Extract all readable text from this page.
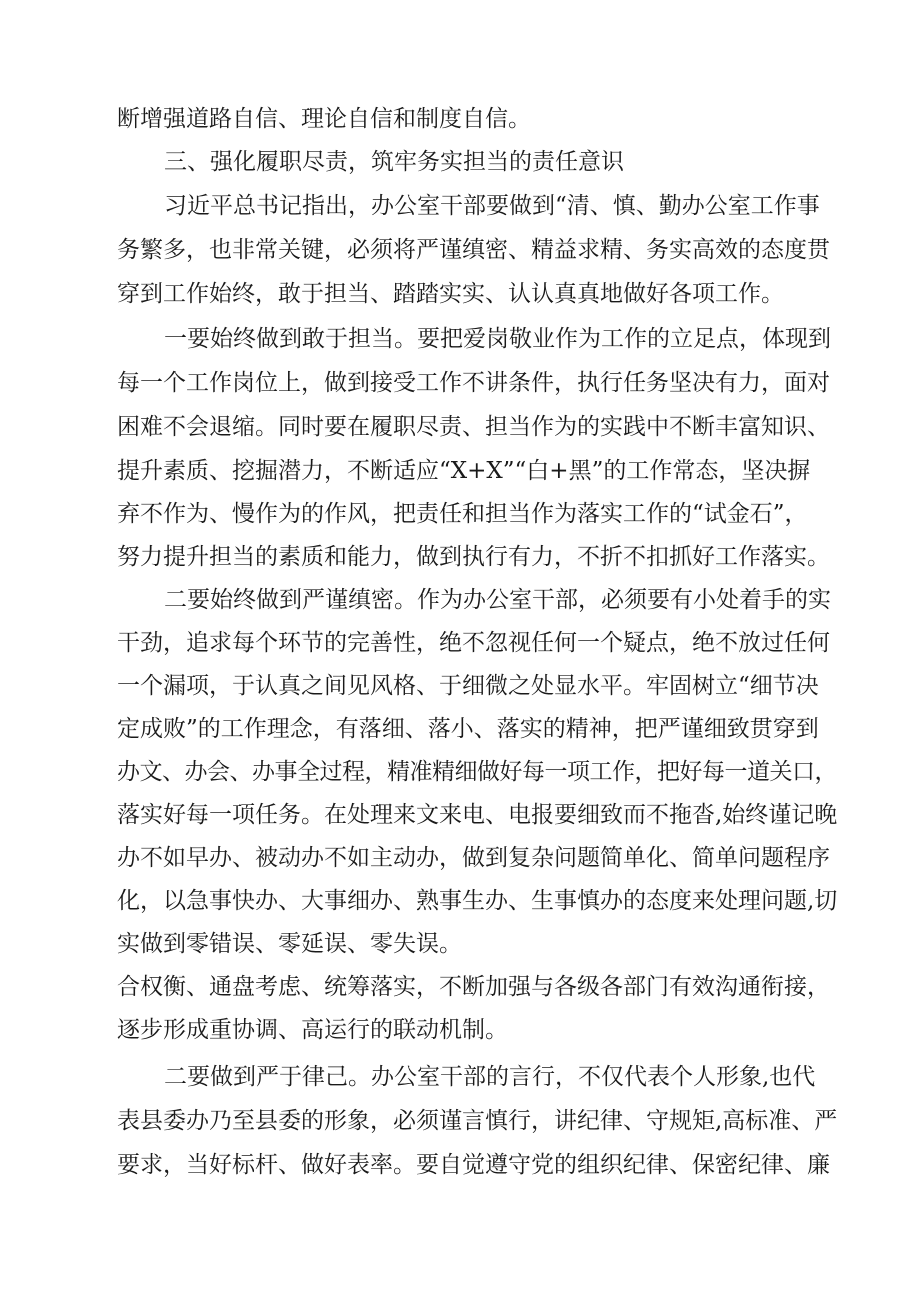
断增强道路自信、理论自信和制度自信。
三、强化履职尽责，筑牢务实担当的责任意识
习近平总书记指出，办公室干部要做到“清、慎、勤办公室工作事
务繁多，也非常关键，必须将严谨缜密、精益求精、务实高效的态度贯
穿到工作始终，敢于担当、踏踏实实、认认真真地做好各项工作。
一要始终做到敢于担当。要把爱岗敬业作为工作的立足点，体现到
每一个工作岗位上，做到接受工作不讲条件，执行任务坚决有力，面对
困难不会退缩。同时要在履职尽责、担当作为的实践中不断丰富知识、
提升素质、挖掘潜力，不断适应“X+X”“白+黑”的工作常态，坚决摒
弃不作为、慢作为的作风，把责任和担当作为落实工作的“试金石”，
努力提升担当的素质和能力，做到执行有力，不折不扣抓好工作落实。
二要始终做到严谨缜密。作为办公室干部，必须要有小处着手的实
干劲，追求每个环节的完善性，绝不忽视任何一个疑点，绝不放过任何
一个漏项，于认真之间见风格、于细微之处显水平。牢固树立“细节决
定成败”的工作理念，有落细、落小、落实的精神，把严谨细致贯穿到
办文、办会、办事全过程，精准精细做好每一项工作，把好每一道关口，
落实好每一项任务。在处理来文来电、电报要细致而不拖沓,始终谨记晚
办不如早办、被动办不如主动办，做到复杂问题简单化、简单问题程序
化，以急事快办、大事细办、熟事生办、生事慎办的态度来处理问题,切
实做到零错误、零延误、零失误。
合权衡、通盘考虑、统筹落实，不断加强与各级各部门有效沟通衔接，
逐步形成重协调、高运行的联动机制。
二要做到严于律己。办公室干部的言行，不仅代表个人形象,也代
表县委办乃至县委的形象，必须谨言慎行，讲纪律、守规矩,高标准、严
要求，当好标杆、做好表率。要自觉遵守党的组织纪律、保密纪律、廉
